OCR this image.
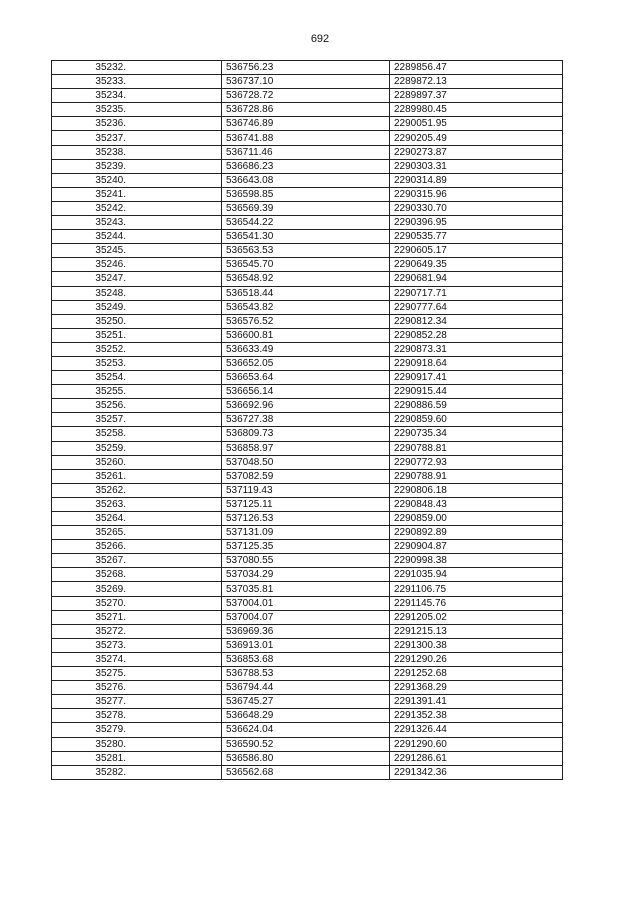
692
35232.	536756.23	2289856.47
35233.	536737.10	2289872.13
35234.	536728.72	2289897.37
35235.	536728.86	2289980.45
35236.	536746.89	2290051.95
35237.	536741.88	2290205.49
35238.	536711.46	2290273.87
35239.	536686.23	2290303.31
35240.	536643.08	2290314.89
35241.	536598.85	2290315.96
35242.	536569.39	2290330.70
35243.	536544.22	2290396.95
35244.	536541.30	2290535.77
35245.	536563.53	2290605.17
35246.	536545.70	2290649.35
35247.	536548.92	2290681.94
35248.	536518.44	2290717.71
35249.	536543.82	2290777.64
35250.	536576.52	2290812.34
35251.	536600.81	2290852.28
35252.	536633.49	2290873.31
35253.	536652.05	2290918.64
35254.	536653.64	2290917.41
35255.	536656.14	2290915.44
35256.	536692.96	2290886.59
35257.	536727.38	2290859.60
35258.	536809.73	2290735.34
35259.	536858.97	2290788.81
35260.	537048.50	2290772.93
35261.	537082.59	2290788.91
35262.	537119.43	2290806.18
35263.	537125.11	2290848.43
35264.	537126.53	2290859.00
35265.	537131.09	2290892.89
35266.	537125.35	2290904.87
35267.	537080.55	2290998.38
35268.	537034.29	2291035.94
35269.	537035.81	2291106.75
35270.	537004.01	2291145.76
35271.	537004.07	2291205.02
35272.	536969.36	2291215.13
35273.	536913.01	2291300.38
35274.	536853.68	2291290.26
35275.	536788.53	2291252.68
35276.	536794.44	2291368.29
35277.	536745.27	2291391.41
35278.	536648.29	2291352.38
35279.	536624.04	2291326.44
35280.	536590.52	2291290.60
35281.	536586.80	2291286.61
35282.	536562.68	2291342.36
